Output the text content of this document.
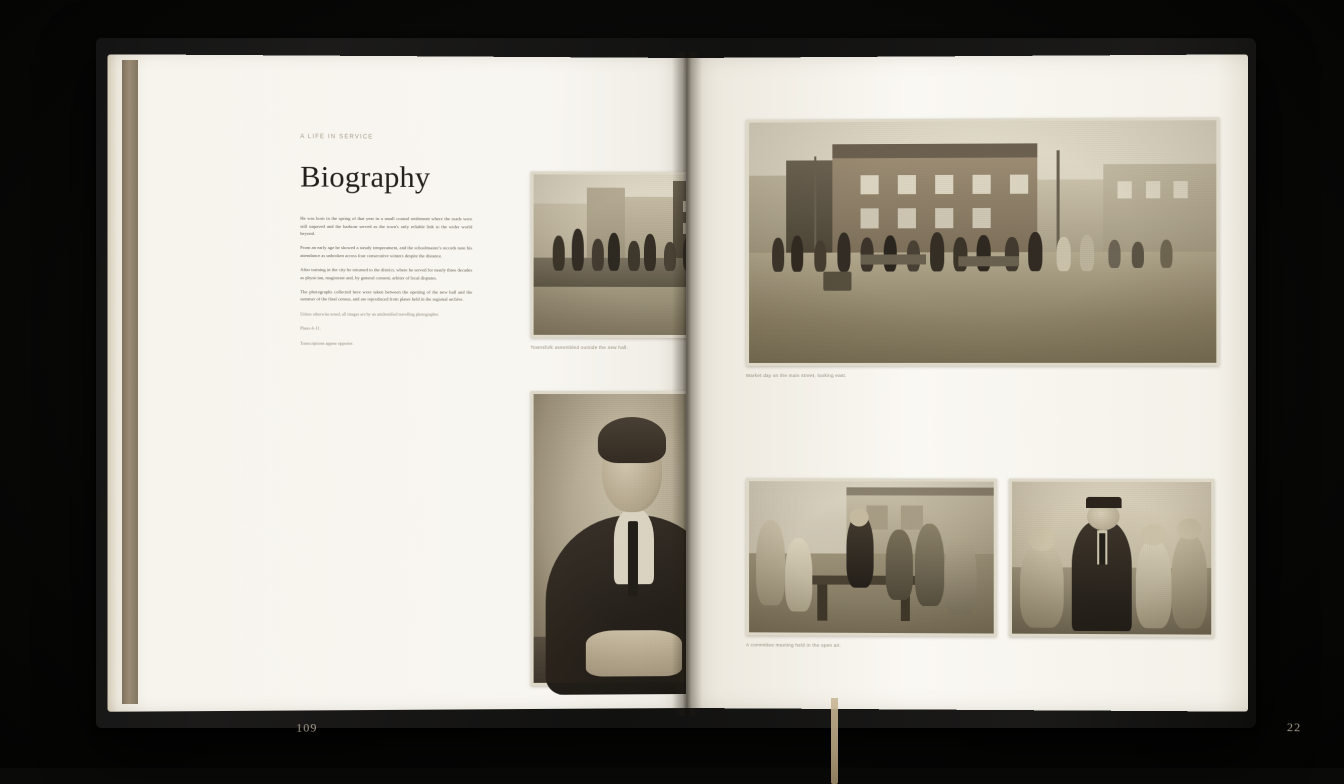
A LIFE IN SERVICE
Biography

He was born in the spring of that year in a small coastal settlement where the roads were still unpaved and the harbour served as the town's only reliable link to the wider world beyond.

From an early age he showed a steady temperament, and the schoolmaster's records note his attendance as unbroken across four consecutive winters despite the distance.

After training in the city he returned to the district, where he served for nearly three decades as physician, magistrate and, by general consent, arbiter of local disputes.

The photographs collected here were taken between the opening of the new hall and the summer of the final census, and are reproduced from plates held in the regional archive.

Unless otherwise noted, all images are by an unidentified travelling photographer.

Plates 4–11.

Transcriptions appear opposite.

Townsfolk assembled outside the new hall.
109
Market day on the main street, looking east.
A committee meeting held in the open air.
22
